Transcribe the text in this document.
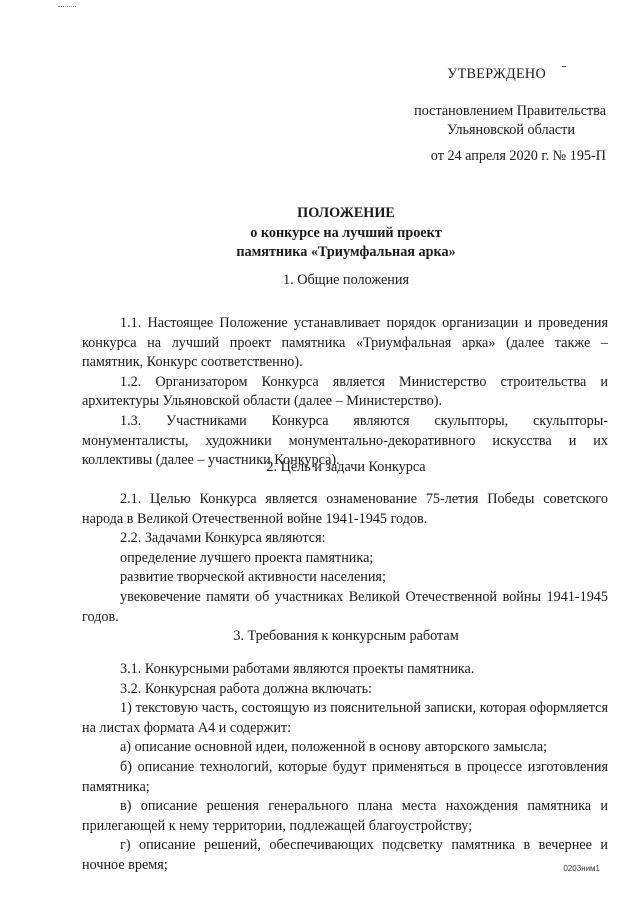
УТВЕРЖДЕНО
постановлением Правительства
Ульяновской области
от 24 апреля 2020 г. № 195-П
ПОЛОЖЕНИЕ
о конкурсе на лучший проект
памятника «Триумфальная арка»
1. Общие положения

1.1. Настоящее Положение устанавливает порядок организации и проведения конкурса на лучший проект памятника «Триумфальная арка» (далее также – памятник, Конкурс соответственно).

1.2. Организатором Конкурса является Министерство строительства и архитектуры Ульяновской области (далее – Министерство).

1.3. Участниками Конкурса являются скульпторы, скульпторы-монументалисты, художники монументально-декоративного искусства и их коллективы (далее – участники Конкурса).

2. Цель и задачи Конкурса

2.1. Целью Конкурса является ознаменование 75-летия Победы советского народа в Великой Отечественной войне 1941-1945 годов.

2.2. Задачами Конкурса являются:

определение лучшего проекта памятника;

развитие творческой активности населения;

увековечение памяти об участниках Великой Отечественной войны 1941-1945 годов.

3. Требования к конкурсным работам

3.1. Конкурсными работами являются проекты памятника.

3.2. Конкурсная работа должна включать:

1) текстовую часть, состоящую из пояснительной записки, которая оформляется на листах формата А4 и содержит:

а) описание основной идеи, положенной в основу авторского замысла;

б) описание технологий, которые будут применяться в процессе изготовления памятника;

в) описание решения генерального плана места нахождения памятника и прилегающей к нему территории, подлежащей благоустройству;

г) описание решений, обеспечивающих подсветку памятника в вечернее и ночное время;	0203ним1
